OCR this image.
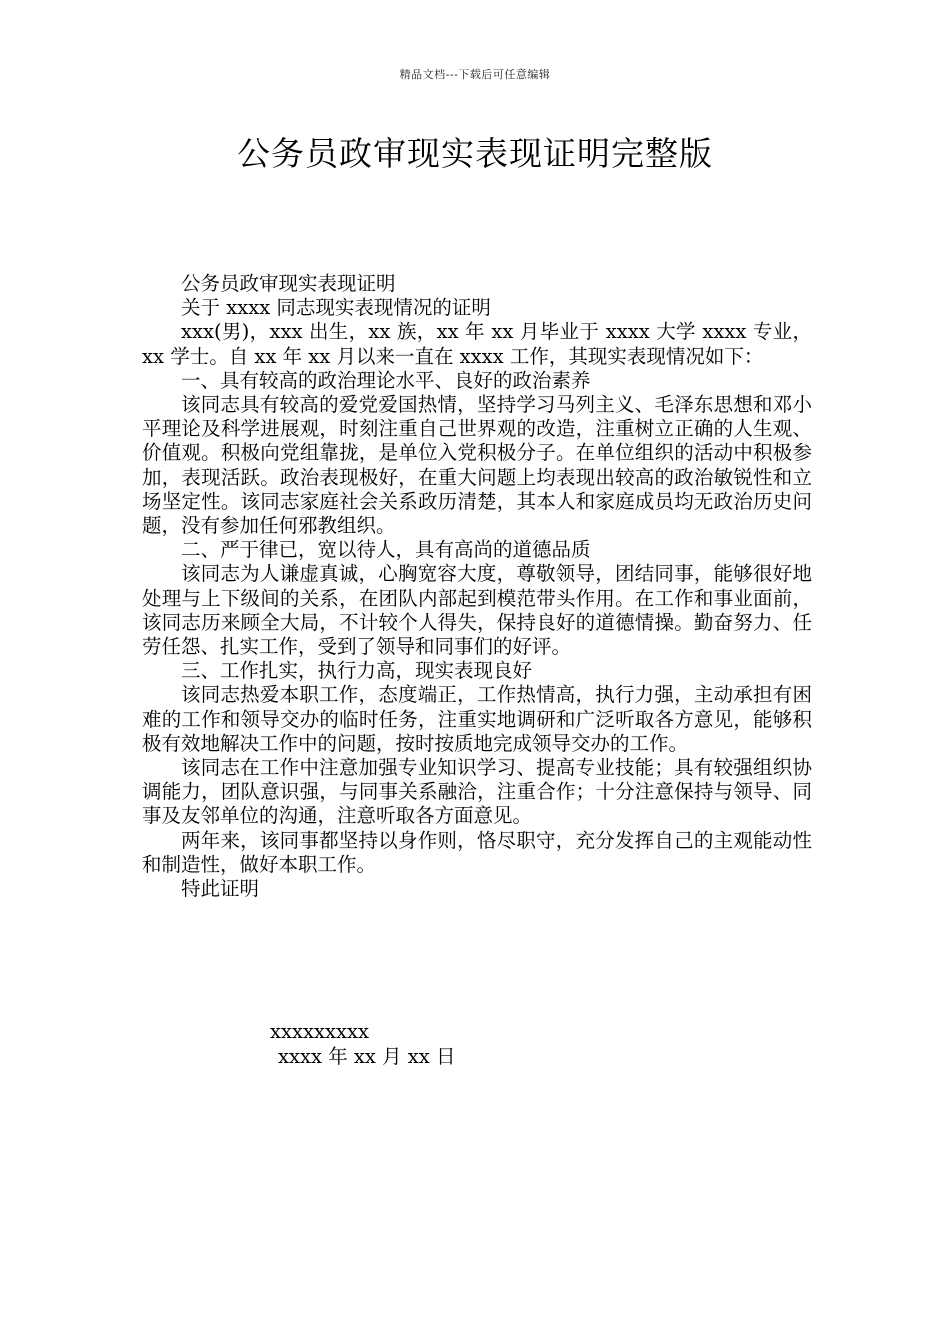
精品文档---下载后可任意编辑
公务员政审现实表现证明完整版

公务员政审现实表现证明

关于 xxxx 同志现实表现情况的证明

xxx(男)，xxx 出生，xx 族，xx 年 xx 月毕业于 xxxx 大学 xxxx 专业，xx 学士。自 xx 年 xx 月以来一直在 xxxx 工作，其现实表现情况如下：

一、具有较高的政治理论水平、良好的政治素养

该同志具有较高的爱党爱国热情，坚持学习马列主义、毛泽东思想和邓小平理论及科学进展观，时刻注重自己世界观的改造，注重树立正确的人生观、价值观。积极向党组靠拢，是单位入党积极分子。在单位组织的活动中积极参加，表现活跃。政治表现极好，在重大问题上均表现出较高的政治敏锐性和立场坚定性。该同志家庭社会关系政历清楚，其本人和家庭成员均无政治历史问题，没有参加任何邪教组织。

二、严于律已，宽以待人，具有高尚的道德品质

该同志为人谦虚真诚，心胸宽容大度，尊敬领导，团结同事，能够很好地处理与上下级间的关系，在团队内部起到模范带头作用。在工作和事业面前，该同志历来顾全大局，不计较个人得失，保持良好的道德情操。勤奋努力、任劳任怨、扎实工作，受到了领导和同事们的好评。

三、工作扎实，执行力高，现实表现良好

该同志热爱本职工作，态度端正，工作热情高，执行力强，主动承担有困难的工作和领导交办的临时任务，注重实地调研和广泛听取各方意见，能够积极有效地解决工作中的问题，按时按质地完成领导交办的工作。

该同志在工作中注意加强专业知识学习、提高专业技能；具有较强组织协调能力，团队意识强，与同事关系融洽，注重合作；十分注意保持与领导、同事及友邻单位的沟通，注意听取各方面意见。

两年来，该同事都坚持以身作则，恪尽职守，充分发挥自己的主观能动性和制造性，做好本职工作。

特此证明

xxxxxxxxx
xxxx 年 xx 月 xx 日
